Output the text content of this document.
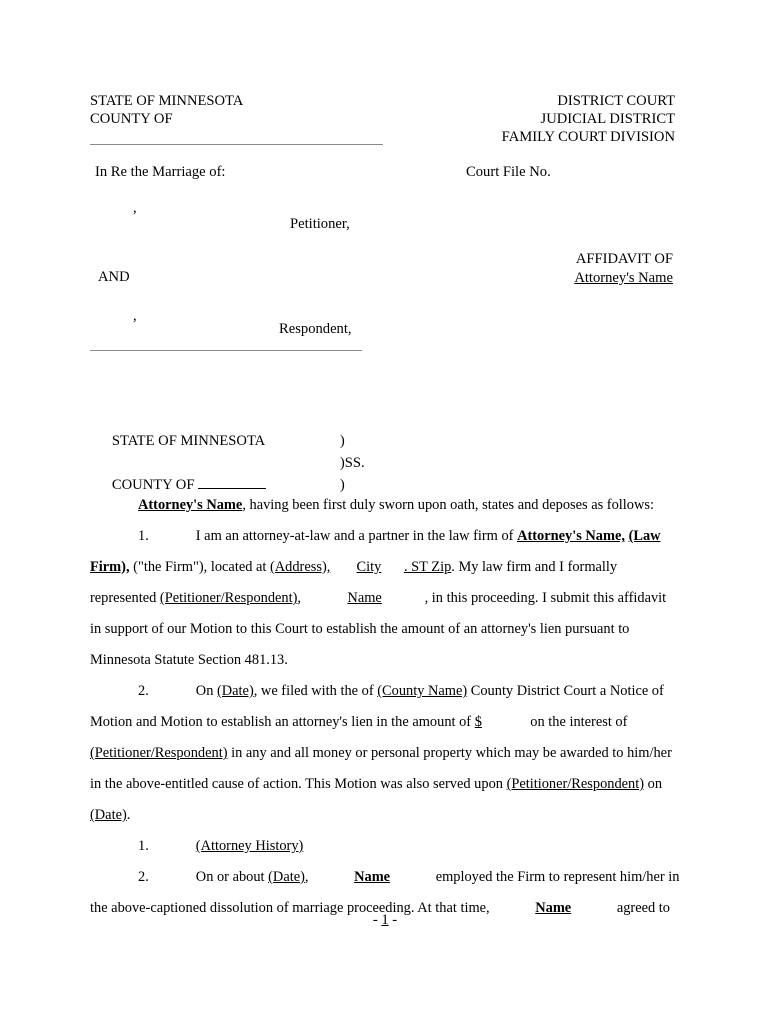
STATE OF MINNESOTA	DISTRICT COURT
COUNTY OF	JUDICIAL DISTRICT

FAMILY COURT DIVISION
In Re the Marriage of:	Court File No.
,
Petitioner,
AND
AFFIDAVIT OF
Attorney's Name
,
Respondent,

STATE OF MINNESOTA	)

)SS.

COUNTY OF	)

Attorney's Name, having been first duly sworn upon oath, states and deposes as follows:

1.	I am an attorney-at-law and a partner in the law firm of Attorney's Name, (Law Firm), ("the Firm"), located at (Address), City . ST Zip. My law firm and I formally represented (Petitioner/Respondent),	Name	, in this proceeding. I submit this affidavit in support of our Motion to this Court to establish the amount of an attorney's lien pursuant to Minnesota Statute Section 481.13.

2.	On (Date), we filed with the of (County Name) County District Court a Notice of Motion and Motion to establish an attorney's lien in the amount of $	on the interest of (Petitioner/Respondent) in any and all money or personal property which may be awarded to him/her in the above-entitled cause of action. This Motion was also served upon (Petitioner/Respondent) on (Date).

1.	(Attorney History)

2.	On or about (Date),	Name	employed the Firm to represent him/her in the above-captioned dissolution of marriage proceeding. At that time,	Name	agreed to

- 1 -
